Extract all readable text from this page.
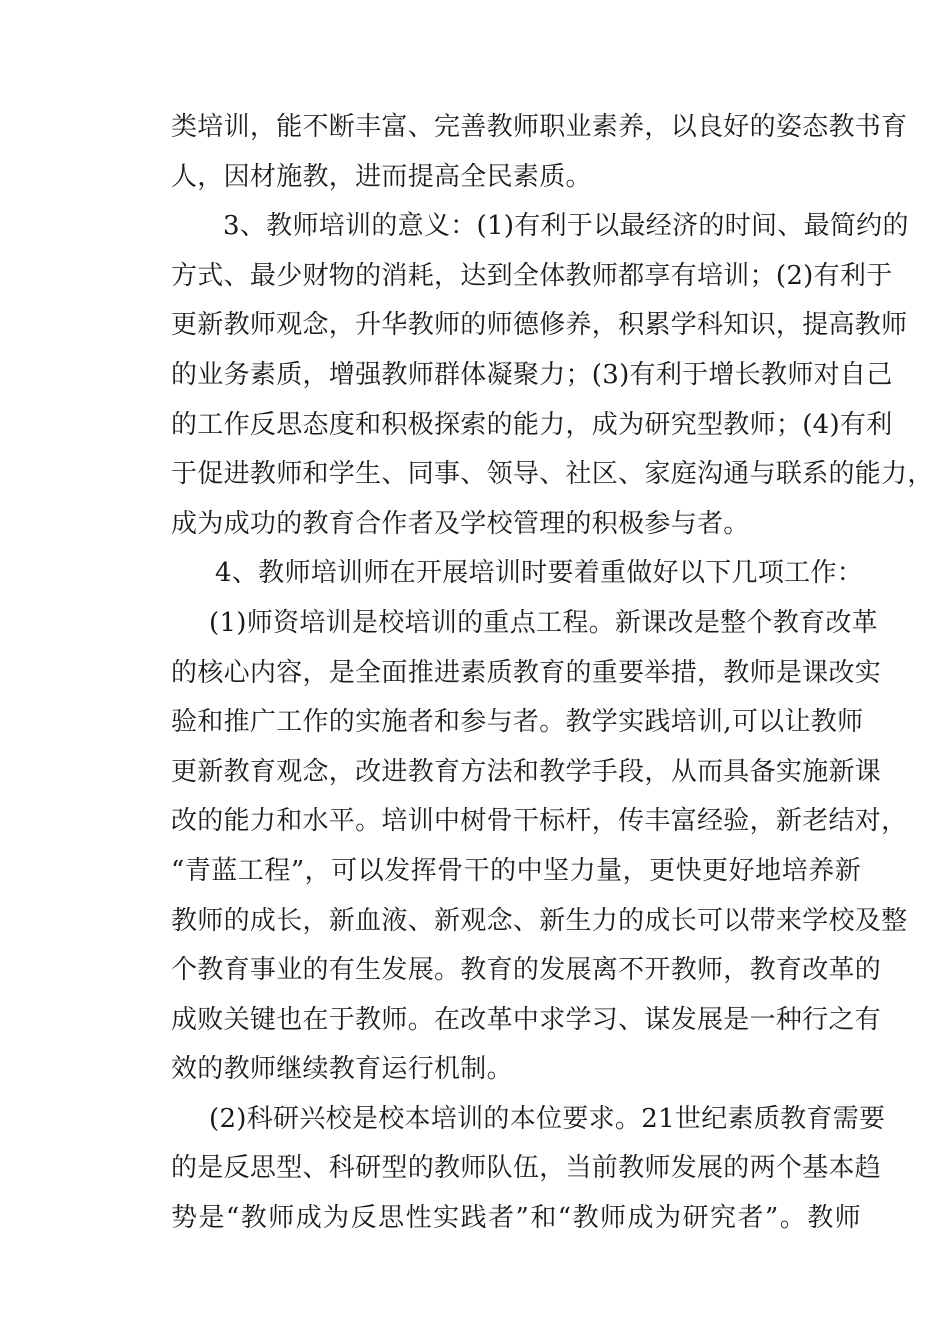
类培训，能不断丰富、完善教师职业素养，以良好的姿态教书育
人，因材施教，进而提高全民素质。
3、教师培训的意义：(1)有利于以最经济的时间、最简约的
方式、最少财物的消耗，达到全体教师都享有培训；(2)有利于
更新教师观念，升华教师的师德修养，积累学科知识，提高教师
的业务素质，增强教师群体凝聚力；(3)有利于增长教师对自己
的工作反思态度和积极探索的能力，成为研究型教师；(4)有利
于促进教师和学生、同事、领导、社区、家庭沟通与联系的能力，
成为成功的教育合作者及学校管理的积极参与者。
4、教师培训师在开展培训时要着重做好以下几项工作：
(1)师资培训是校培训的重点工程。新课改是整个教育改革
的核心内容，是全面推进素质教育的重要举措，教师是课改实
验和推广工作的实施者和参与者。教学实践培训,可以让教师
更新教育观念，改进教育方法和教学手段，从而具备实施新课
改的能力和水平。培训中树骨干标杆，传丰富经验，新老结对，
“青蓝工程”，可以发挥骨干的中坚力量，更快更好地培养新
教师的成长，新血液、新观念、新生力的成长可以带来学校及整
个教育事业的有生发展。教育的发展离不开教师，教育改革的
成败关键也在于教师。在改革中求学习、谋发展是一种行之有
效的教师继续教育运行机制。
(2)科研兴校是校本培训的本位要求。21世纪素质教育需要
的是反思型、科研型的教师队伍，当前教师发展的两个基本趋
势是“教师成为反思性实践者”和“教师成为研究者”。教师
